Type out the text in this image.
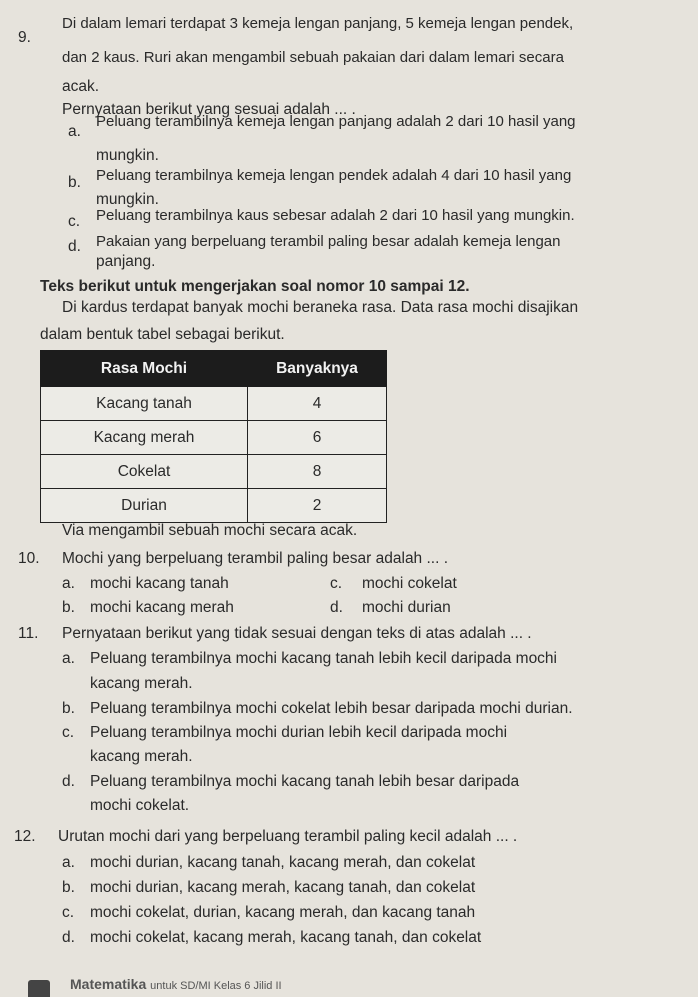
9.
Di dalam lemari terdapat 3 kemeja lengan panjang, 5 kemeja lengan pendek,
dan 2 kaus. Ruri akan mengambil sebuah pakaian dari dalam lemari secara
acak.
Pernyataan berikut yang sesuai adalah ... .
a.
Peluang terambilnya kemeja lengan panjang adalah 2 dari 10 hasil yang
mungkin.
b. Peluang terambilnya kemeja lengan pendek adalah 4 dari 10 hasil yang
mungkin.
c. Peluang terambilnya kaus sebesar adalah 2 dari 10 hasil yang mungkin.
d. Pakaian yang berpeluang terambil paling besar adalah kemeja lengan
panjang.
Teks berikut untuk mengerjakan soal nomor 10 sampai 12.
Di kardus terdapat banyak mochi beraneka rasa. Data rasa mochi disajikan
dalam bentuk tabel sebagai berikut.
Rasa Mochi	Banyaknya
Kacang tanah	4
Kacang merah	6
Cokelat	8
Durian	2
Via mengambil sebuah mochi secara acak.
10. Mochi yang berpeluang terambil paling besar adalah ... .
a. mochi kacang tanah	c. mochi cokelat
b. mochi kacang merah	d. mochi durian
11. Pernyataan berikut yang tidak sesuai dengan teks di atas adalah ... .
a. Peluang terambilnya mochi kacang tanah lebih kecil daripada mochi
kacang merah.
b. Peluang terambilnya mochi cokelat lebih besar daripada mochi durian.
c. Peluang terambilnya mochi durian lebih kecil daripada mochi
kacang merah.
d. Peluang terambilnya mochi kacang tanah lebih besar daripada
mochi cokelat.
12. Urutan mochi dari yang berpeluang terambil paling kecil adalah ... .
a. mochi durian, kacang tanah, kacang merah, dan cokelat
b. mochi durian, kacang merah, kacang tanah, dan cokelat
c. mochi cokelat, durian, kacang merah, dan kacang tanah
d. mochi cokelat, kacang merah, kacang tanah, dan cokelat
Matematika untuk SD/MI Kelas 6 Jilid II
